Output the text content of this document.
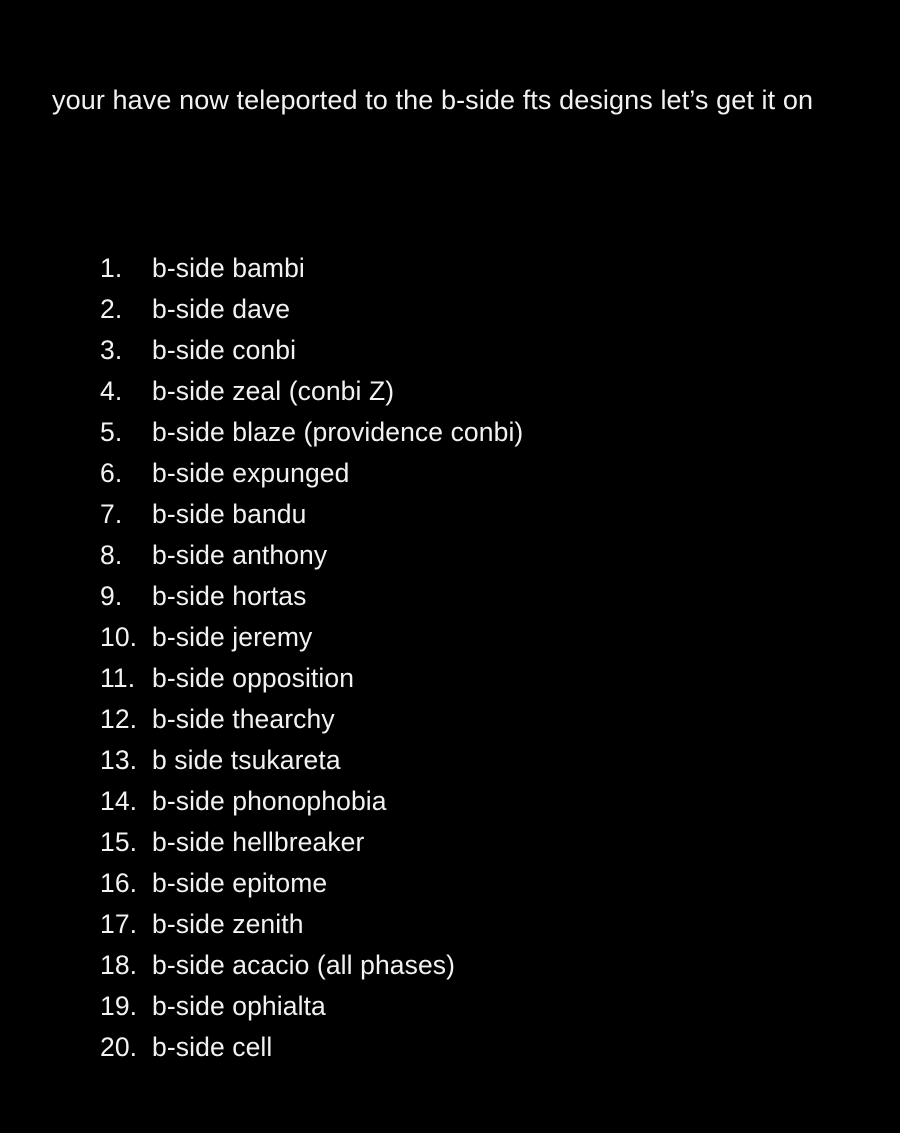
your have now teleported to the b-side fts designs let’s get it on
1.	b-side bambi
2.	b-side dave
3.	b-side conbi
4.	b-side zeal (conbi Z)
5.	b-side blaze (providence conbi)
6.	b-side expunged
7.	b-side bandu
8.	b-side anthony
9.	b-side hortas
10. b-side jeremy
11. b-side opposition
12. b-side thearchy
13. b side tsukareta
14. b-side phonophobia
15. b-side hellbreaker
16. b-side epitome
17. b-side zenith
18. b-side acacio (all phases)
19. b-side ophialta
20. b-side cell
